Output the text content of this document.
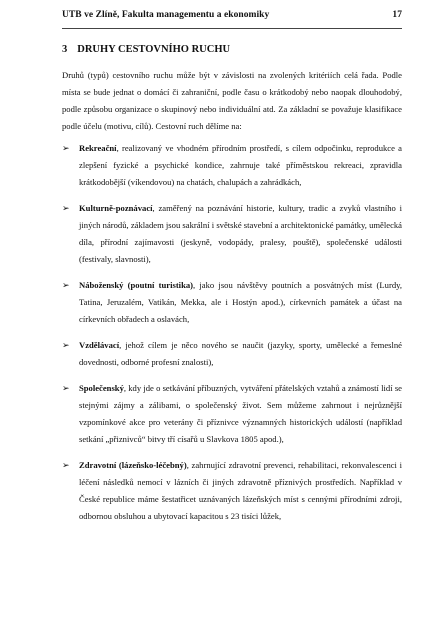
UTB ve Zlíně, Fakulta managementu a ekonomiky	17
3 DRUHY CESTOVNÍHO RUCHU

Druhů (typů) cestovního ruchu může být v závislosti na zvolených kritériích celá řada. Podle místa se bude jednat o domácí či zahraniční, podle času o krátkodobý nebo naopak dlouhodobý, podle způsobu organizace o skupinový nebo individuální atd. Za základní se považuje klasifikace podle účelu (motivu, cílů). Cestovní ruch dělíme na:

➢	Rekreační, realizovaný ve vhodném přírodním prostředí, s cílem odpočinku, reprodukce a zlepšení fyzické a psychické kondice, zahrnuje také příměstskou rekreaci, zpravidla krátkodobější (víkendovou) na chatách, chalupách a zahrádkách,
➢	Kulturně-poznávací, zaměřený na poznávání historie, kultury, tradic a zvyků vlastního i jiných národů, základem jsou sakrální i světské stavební a architektonické památky, umělecká díla, přírodní zajímavosti (jeskyně, vodopády, pralesy, pouště), společenské události (festivaly, slavnosti),
➢	Náboženský (poutní turistika), jako jsou návštěvy poutních a posvátných míst (Lurdy, Tatina, Jeruzalém, Vatikán, Mekka, ale i Hostýn apod.), církevních památek a účast na církevních obřadech a oslavách,
➢	Vzdělávací, jehož cílem je něco nového se naučit (jazyky, sporty, umělecké a řemeslné dovednosti, odborné profesní znalosti),
➢	Společenský, kdy jde o setkávání příbuzných, vytváření přátelských vztahů a známostí lidí se stejnými zájmy a zálibami, o společenský život. Sem můžeme zahrnout i nejrůznější vzpomínkové akce pro veterány či příznivce významných historických událostí (například setkání „přiznivců“ bitvy tří císařů u Slavkova 1805 apod.),
➢	Zdravotní (lázeňsko-léčebný), zahrnující zdravotní prevenci, rehabilitaci, rekonvalescenci i léčení následků nemocí v lázních či jiných zdravotně příznivých prostředích. Například v České republice máme šestatřicet uznávaných lázeňských míst s cennými přírodními zdroji, odbornou obsluhou a ubytovací kapacitou s 23 tisíci lůžek,
